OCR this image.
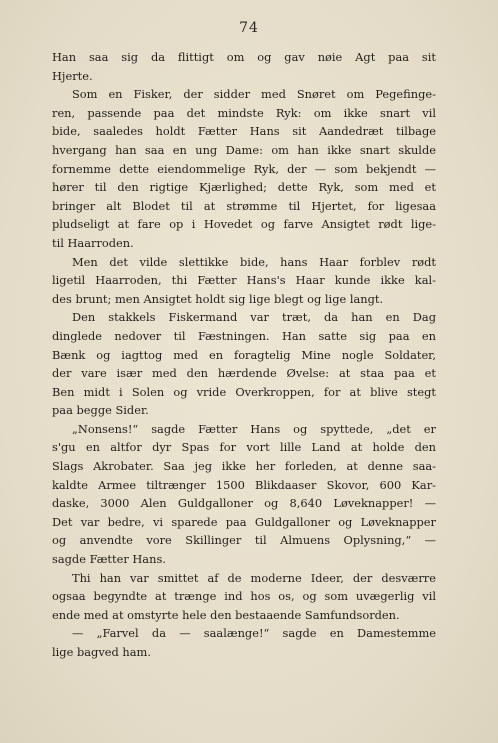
74
Han saa sig da flittigt om og gav nøie Agt paa sit
Hjerte.
Som en Fisker, der sidder med Snøret om Pegefinge-
ren, passende paa det mindste Ryk: om ikke snart vil
bide, saaledes holdt Fætter Hans sit Aandedræt tilbage
hvergang han saa en ung Dame: om han ikke snart skulde
fornemme dette eiendommelige Ryk, der — som bekjendt —
hører til den rigtige Kjærlighed; dette Ryk, som med et
bringer alt Blodet til at strømme til Hjertet, for ligesaa
pludseligt at fare op i Hovedet og farve Ansigtet rødt lige-
til Haarroden.
Men det vilde slettikke bide, hans Haar forblev rødt
ligetil Haarroden, thi Fætter Hans's Haar kunde ikke kal-
des brunt; men Ansigtet holdt sig lige blegt og lige langt.
Den stakkels Fiskermand var træt, da han en Dag
dinglede nedover til Fæstningen. Han satte sig paa en
Bænk og iagttog med en foragtelig Mine nogle Soldater,
der vare især med den hærdende Øvelse: at staa paa et
Ben midt i Solen og vride Overkroppen, for at blive stegt
paa begge Sider.
„Nonsens!“ sagde Fætter Hans og spyttede, „det er
s'gu en altfor dyr Spas for vort lille Land at holde den
Slags Akrobater. Saa jeg ikke her forleden, at denne saa-
kaldte Armee tiltrænger 1500 Blikdaaser Skovor, 600 Kar-
daske, 3000 Alen Guldgalloner og 8,640 Løveknapper! —
Det var bedre, vi sparede paa Guldgalloner og Løveknapper
og anvendte vore Skillinger til Almuens Oplysning,“ —
sagde Fætter Hans.
Thi han var smittet af de moderne Ideer, der desværre
ogsaa begyndte at trænge ind hos os, og som uvægerlig vil
ende med at omstyrte hele den bestaaende Samfundsorden.
— „Farvel da — saalænge!“ sagde en Damestemme
lige bagved ham.
